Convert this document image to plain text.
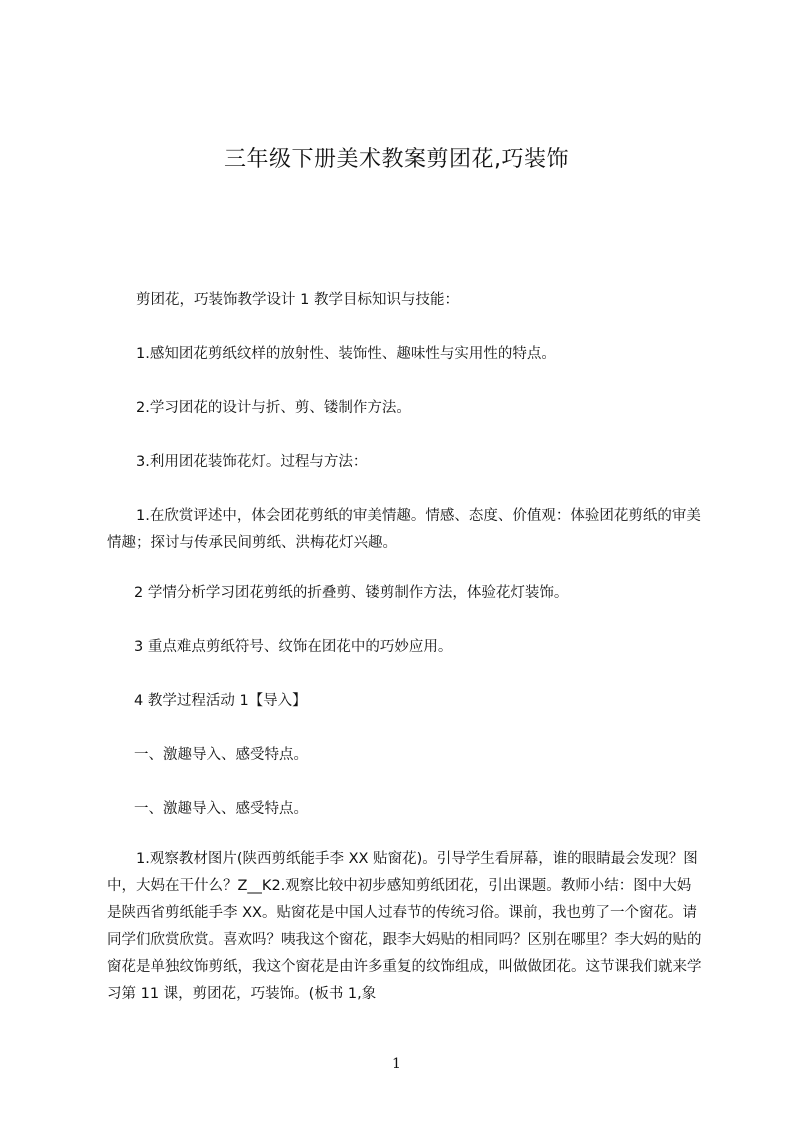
三年级下册美术教案剪团花,巧装饰

剪团花，巧装饰教学设计 1 教学目标知识与技能：

1.感知团花剪纸纹样的放射性、装饰性、趣味性与实用性的特点。

2.学习团花的设计与折、剪、镂制作方法。

3.利用团花装饰花灯。过程与方法：

1.在欣赏评述中，体会团花剪纸的审美情趣。情感、态度、价值观：体验团花剪纸的审美情趣；探讨与传承民间剪纸、洪梅花灯兴趣。

2 学情分析学习团花剪纸的折叠剪、镂剪制作方法，体验花灯装饰。

3 重点难点剪纸符号、纹饰在团花中的巧妙应用。

4 教学过程活动 1【导入】

一、激趣导入、感受特点。

一、激趣导入、感受特点。

1.观察教材图片(陕西剪纸能手李 XX 贴窗花)。引导学生看屏幕，谁的眼睛最会发现？图中，大妈在干什么？Z__K2.观察比较中初步感知剪纸团花，引出课题。教师小结：图中大妈是陕西省剪纸能手李 XX。贴窗花是中国人过春节的传统习俗。课前，我也剪了一个窗花。请同学们欣赏欣赏。喜欢吗？咦我这个窗花，跟李大妈贴的相同吗？区别在哪里？李大妈的贴的窗花是单独纹饰剪纸，我这个窗花是由许多重复的纹饰组成，叫做做团花。这节课我们就来学习第 11 课，剪团花，巧装饰。(板书 1,象

1
